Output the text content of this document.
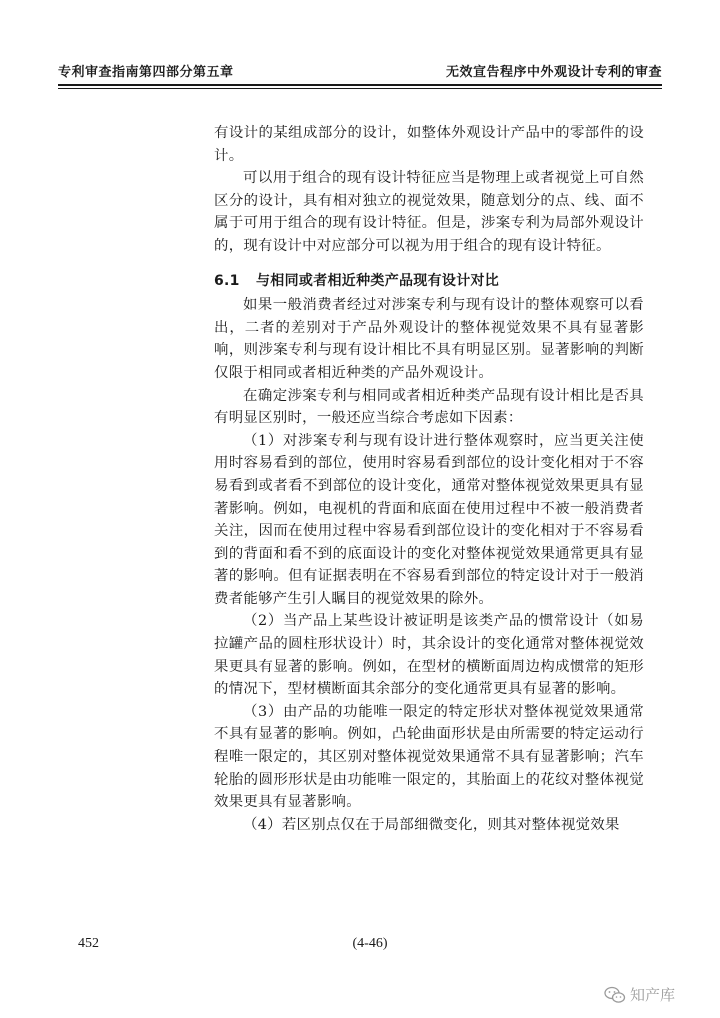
专利审查指南第四部分第五章	无效宣告程序中外观设计专利的审查

有设计的某组成部分的设计，如整体外观设计产品中的零部件的设计。

可以用于组合的现有设计特征应当是物理上或者视觉上可自然区分的设计，具有相对独立的视觉效果，随意划分的点、线、面不属于可用于组合的现有设计特征。但是，涉案专利为局部外观设计的，现有设计中对应部分可以视为用于组合的现有设计特征。

6.1 与相同或者相近种类产品现有设计对比

如果一般消费者经过对涉案专利与现有设计的整体观察可以看出，二者的差别对于产品外观设计的整体视觉效果不具有显著影响，则涉案专利与现有设计相比不具有明显区别。显著影响的判断仅限于相同或者相近种类的产品外观设计。

在确定涉案专利与相同或者相近种类产品现有设计相比是否具有明显区别时，一般还应当综合考虑如下因素：

（1）对涉案专利与现有设计进行整体观察时，应当更关注使用时容易看到的部位，使用时容易看到部位的设计变化相对于不容易看到或者看不到部位的设计变化，通常对整体视觉效果更具有显著影响。例如，电视机的背面和底面在使用过程中不被一般消费者关注，因而在使用过程中容易看到部位设计的变化相对于不容易看到的背面和看不到的底面设计的变化对整体视觉效果通常更具有显著的影响。但有证据表明在不容易看到部位的特定设计对于一般消费者能够产生引人瞩目的视觉效果的除外。

（2）当产品上某些设计被证明是该类产品的惯常设计（如易拉罐产品的圆柱形状设计）时，其余设计的变化通常对整体视觉效果更具有显著的影响。例如，在型材的横断面周边构成惯常的矩形的情况下，型材横断面其余部分的变化通常更具有显著的影响。

（3）由产品的功能唯一限定的特定形状对整体视觉效果通常不具有显著的影响。例如，凸轮曲面形状是由所需要的特定运动行程唯一限定的，其区别对整体视觉效果通常不具有显著影响；汽车轮胎的圆形形状是由功能唯一限定的，其胎面上的花纹对整体视觉效果更具有显著影响。

（4）若区别点仅在于局部细微变化，则其对整体视觉效果

452	(4-46)
知产库
